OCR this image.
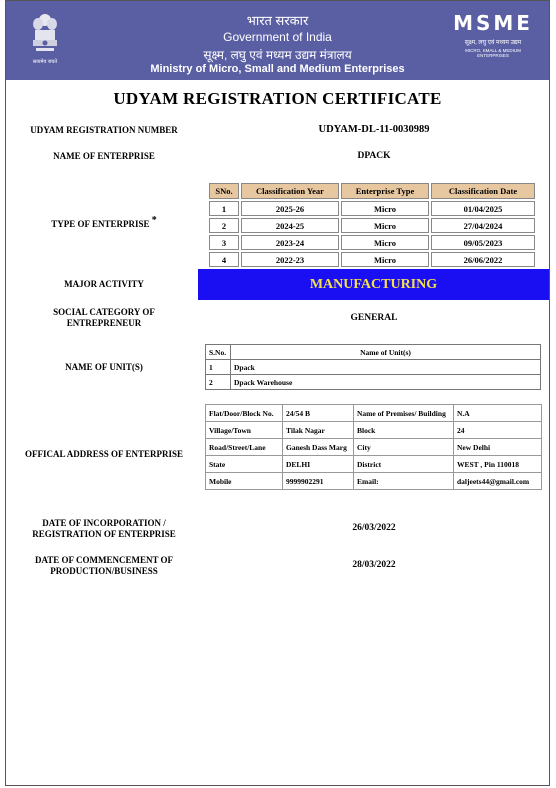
सत्यमेव जयते
भारत सरकार
Government of India
सूक्ष्म, लघु एवं मध्यम उद्यम मंत्रालय
Ministry of Micro, Small and Medium Enterprises
MSME
सूक्ष्म, लघु एवं मध्यम उद्यम
MICRO, SMALL & MEDIUM ENTERPRISES
UDYAM REGISTRATION CERTIFICATE
UDYAM REGISTRATION NUMBER	UDYAM-DL-11-0030989
NAME OF ENTERPRISE	DPACK
TYPE OF ENTERPRISE *
SNo.	Classification Year	Enterprise Type	Classification Date
1	2025-26	Micro	01/04/2025
2	2024-25	Micro	27/04/2024
3	2023-24	Micro	09/05/2023
4	2022-23	Micro	26/06/2022
MAJOR ACTIVITY	MANUFACTURING
SOCIAL CATEGORY OF ENTREPRENEUR	GENERAL
NAME OF UNIT(S)
S.No.	Name of Unit(s)
1	Dpack
2	Dpack Warehouse
OFFICAL ADDRESS OF ENTERPRISE
Flat/Door/Block No.	24/54 B	Name of Premises/ Building	N.A
Village/Town	Tilak Nagar	Block	24
Road/Street/Lane	Ganesh Dass Marg	City	New Delhi
State	DELHI	District	WEST , Pin 110018
Mobile	9999902291	Email:	daljeets44@gmail.com
DATE OF INCORPORATION / REGISTRATION OF ENTERPRISE
26/03/2022
DATE OF COMMENCEMENT OF PRODUCTION/BUSINESS
28/03/2022
